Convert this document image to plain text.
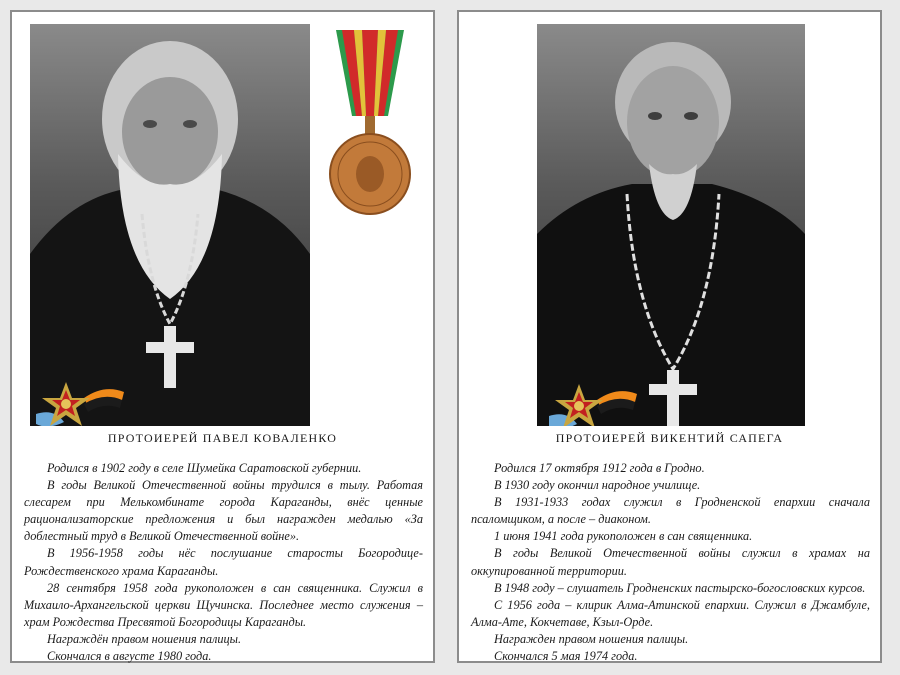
ПРОТОИЕРЕЙ ПАВЕЛ КОВАЛЕНКО

Родился в 1902 году в селе Шумейка Саратовской губернии.

В годы Великой Отечественной войны трудился в тылу. Работая слесарем при Мелькомбинате города Караганды, внёс ценные рационализаторские предложения и был награжден медалью «За доблестный труд в Великой Отечественной войне».

В 1956-1958 годы нёс послушание старосты Богородице-Рождественского храма Караганды.

28 сентября 1958 года рукоположен в сан священника. Служил в Михаило-Архангельской церкви Щучинска. Последнее место служения – храм Рождества Пресвятой Богородицы Караганды.

Награждён правом ношения палицы.

Скончался в августе 1980 года.

ПРОТОИЕРЕЙ ВИКЕНТИЙ САПЕГА

Родился 17 октября 1912 года в Гродно.

В 1930 году окончил народное училище.

В 1931-1933 годах служил в Гродненской епархии сначала псаломщиком, а после – диаконом.

1 июня 1941 года рукоположен в сан священника.

В годы Великой Отечественной войны служил в храмах на оккупированной территории.

В 1948 году – слушатель Гродненских пастырско-богословских курсов.

С 1956 года – клирик Алма-Атинской епархии. Служил в Джамбуле, Алма-Ате, Кокчетаве, Кзыл-Орде.

Награжден правом ношения палицы.

Скончался 5 мая 1974 года.
